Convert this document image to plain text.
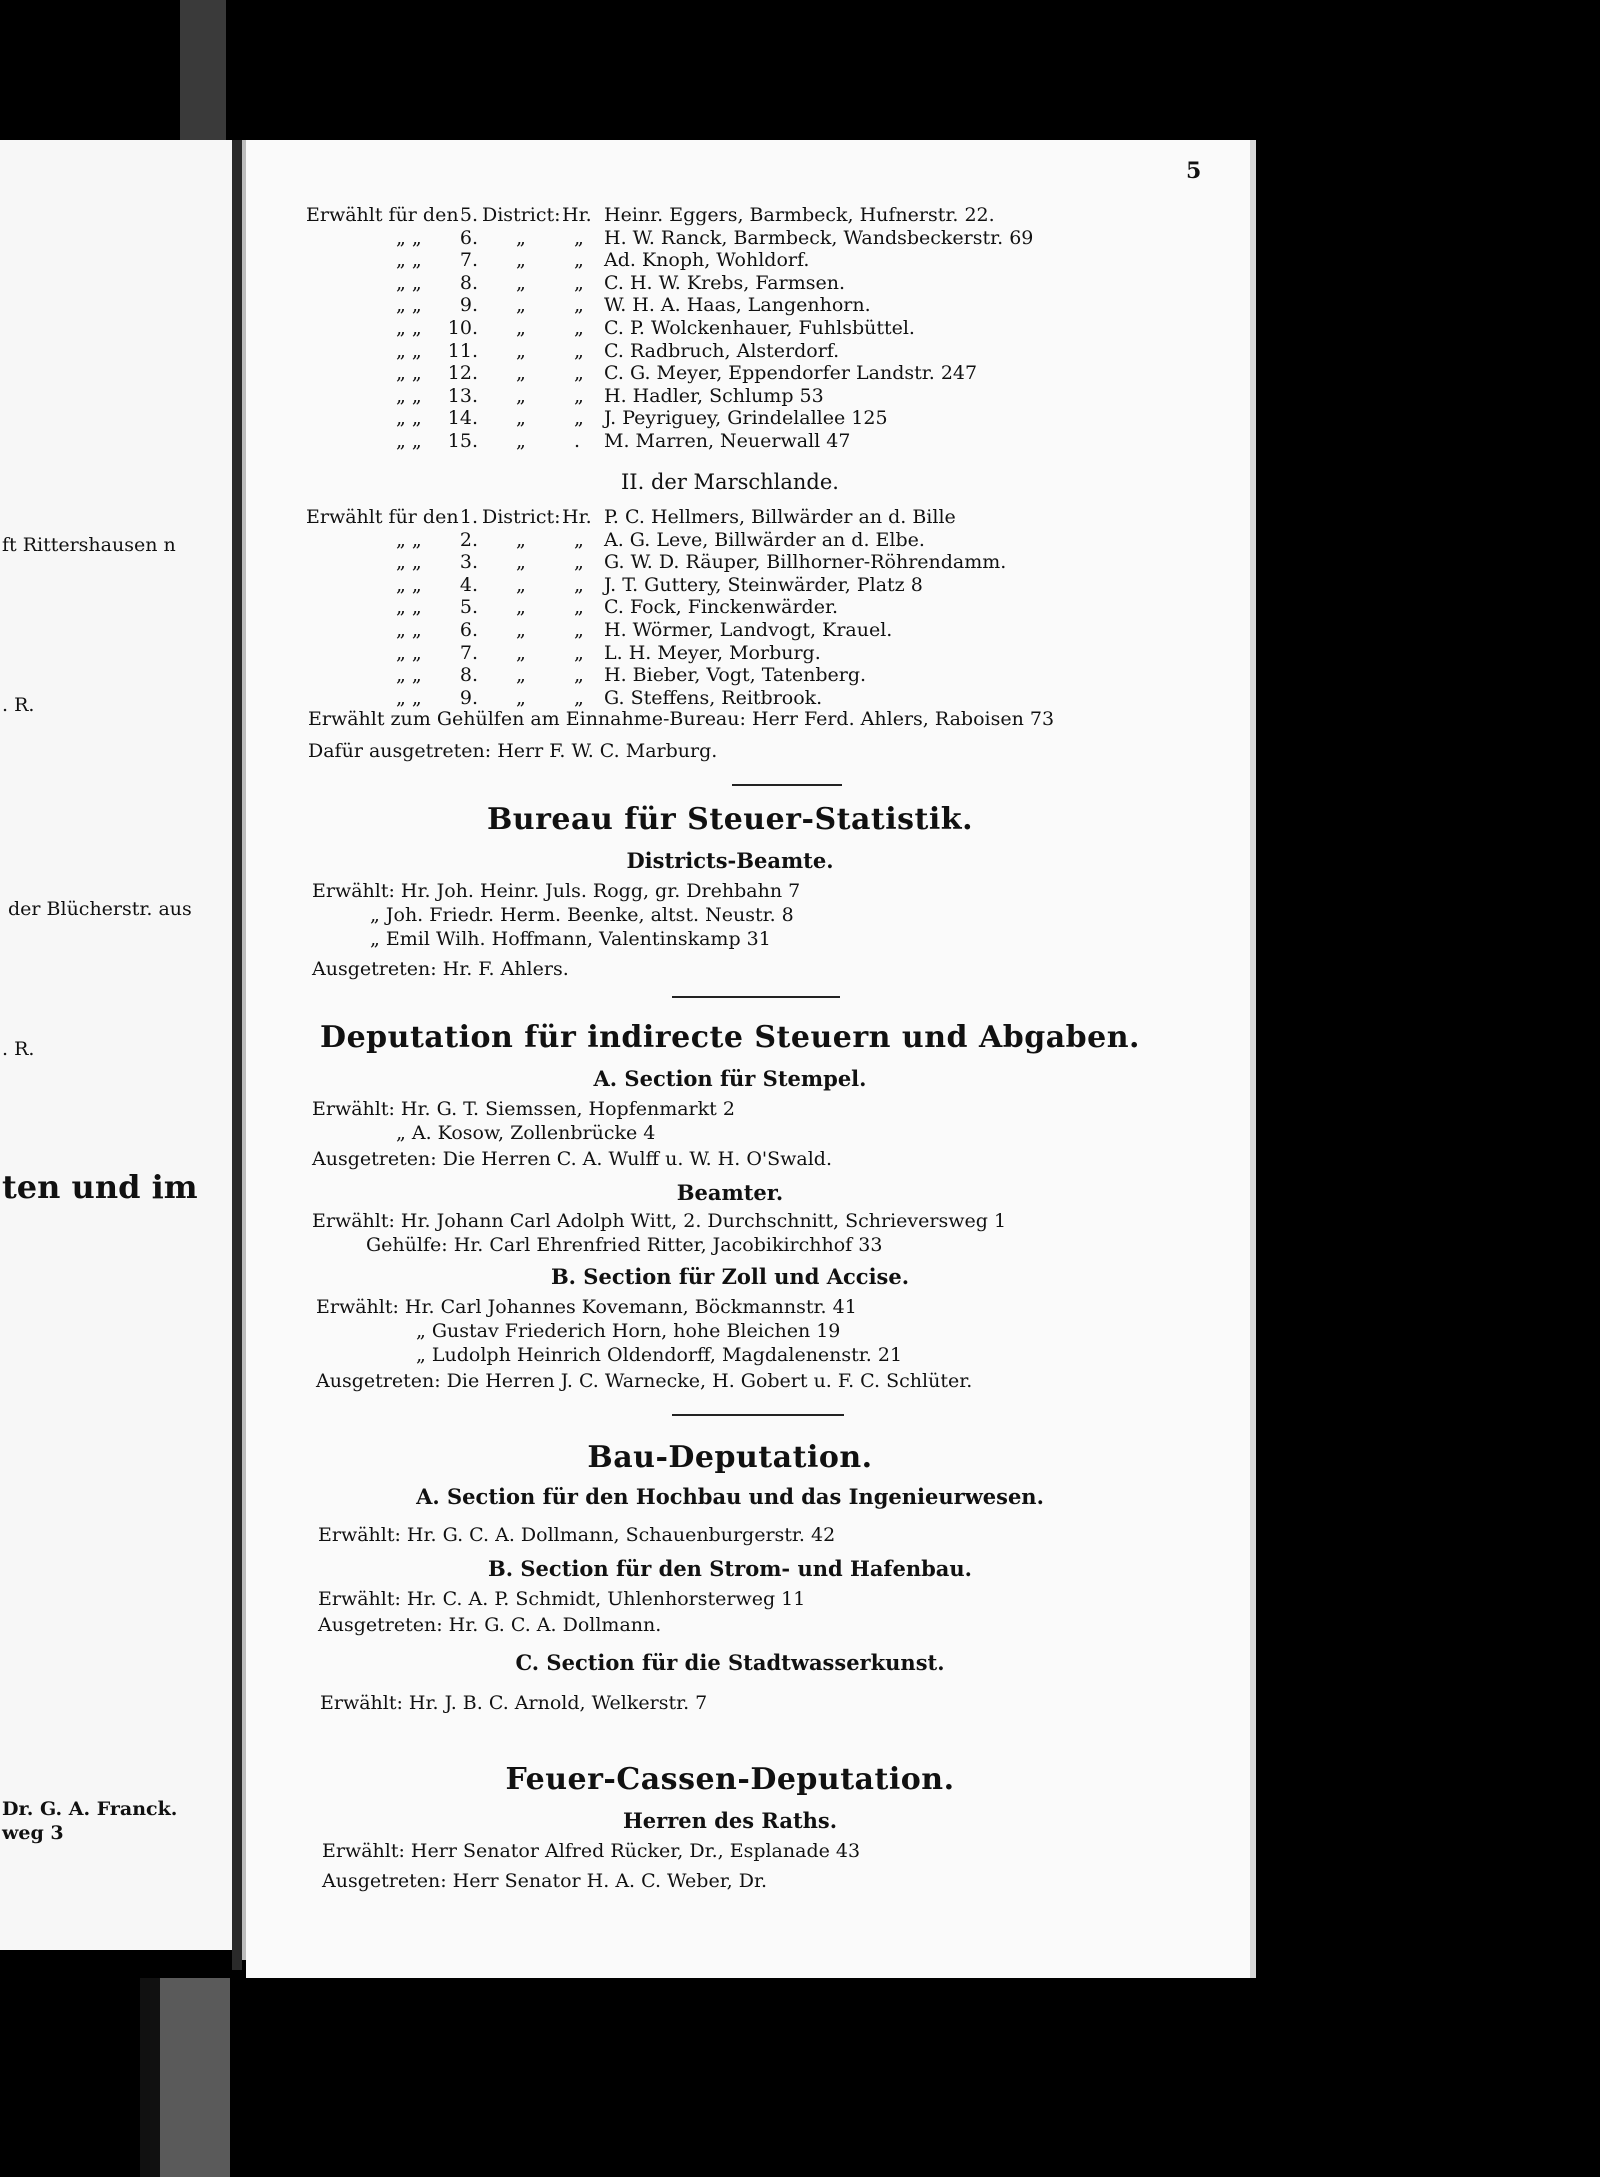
ft Rittershausen n
. R.
der Blücherstr. aus
. R.
ten und im
Dr. G. A. Franck.
weg 3
5
Erwählt für den 5. District: Hr. Heinr. Eggers, Barmbeck, Hufnerstr. 22.
„ „	6. „	„ H. W. Ranck, Barmbeck, Wandsbeckerstr. 69
„ „	7. „	„ Ad. Knoph, Wohldorf.
„ „	8. „	„ C. H. W. Krebs, Farmsen.
„ „	9. „	„ W. H. A. Haas, Langenhorn.
„ „	10. „	„ C. P. Wolckenhauer, Fuhlsbüttel.
„ „	11. „	„ C. Radbruch, Alsterdorf.
„ „	12. „	„ C. G. Meyer, Eppendorfer Landstr. 247
„ „	13. „	„ H. Hadler, Schlump 53
„ „	14. „	„ J. Peyriguey, Grindelallee 125
„ „	15. „	. M. Marren, Neuerwall 47
II. der Marschlande.
Erwählt für den 1. District: Hr. P. C. Hellmers, Billwärder an d. Bille
„ „	2. „	„ A. G. Leve, Billwärder an d. Elbe.
„ „	3. „	„ G. W. D. Räuper, Billhorner-Röhrendamm.
„ „	4. „	„ J. T. Guttery, Steinwärder, Platz 8
„ „	5. „	„ C. Fock, Finckenwärder.
„ „	6. „	„ H. Wörmer, Landvogt, Krauel.
„ „	7. „	„ L. H. Meyer, Morburg.
„ „	8. „	„ H. Bieber, Vogt, Tatenberg.
„ „	9. „	„ G. Steffens, Reitbrook.
Erwählt zum Gehülfen am Einnahme-Bureau: Herr Ferd. Ahlers, Raboisen 73
Dafür ausgetreten: Herr F. W. C. Marburg.
Bureau für Steuer-Statistik.
Districts-Beamte.
Erwählt: Hr. Joh. Heinr. Juls. Rogg, gr. Drehbahn 7
„ Joh. Friedr. Herm. Beenke, altst. Neustr. 8
„ Emil Wilh. Hoffmann, Valentinskamp 31
Ausgetreten: Hr. F. Ahlers.
Deputation für indirecte Steuern und Abgaben.
A. Section für Stempel.
Erwählt: Hr. G. T. Siemssen, Hopfenmarkt 2
„ A. Kosow, Zollenbrücke 4
Ausgetreten: Die Herren C. A. Wulff u. W. H. O'Swald.
Beamter.
Erwählt: Hr. Johann Carl Adolph Witt, 2. Durchschnitt, Schrieversweg 1
Gehülfe: Hr. Carl Ehrenfried Ritter, Jacobikirchhof 33
B. Section für Zoll und Accise.
Erwählt: Hr. Carl Johannes Kovemann, Böckmannstr. 41
„ Gustav Friederich Horn, hohe Bleichen 19
„ Ludolph Heinrich Oldendorff, Magdalenenstr. 21
Ausgetreten: Die Herren J. C. Warnecke, H. Gobert u. F. C. Schlüter.
Bau-Deputation.
A. Section für den Hochbau und das Ingenieurwesen.
Erwählt: Hr. G. C. A. Dollmann, Schauenburgerstr. 42
B. Section für den Strom- und Hafenbau.
Erwählt: Hr. C. A. P. Schmidt, Uhlenhorsterweg 11
Ausgetreten: Hr. G. C. A. Dollmann.
C. Section für die Stadtwasserkunst.
Erwählt: Hr. J. B. C. Arnold, Welkerstr. 7
Feuer-Cassen-Deputation.
Herren des Raths.
Erwählt: Herr Senator Alfred Rücker, Dr., Esplanade 43
Ausgetreten: Herr Senator H. A. C. Weber, Dr.
